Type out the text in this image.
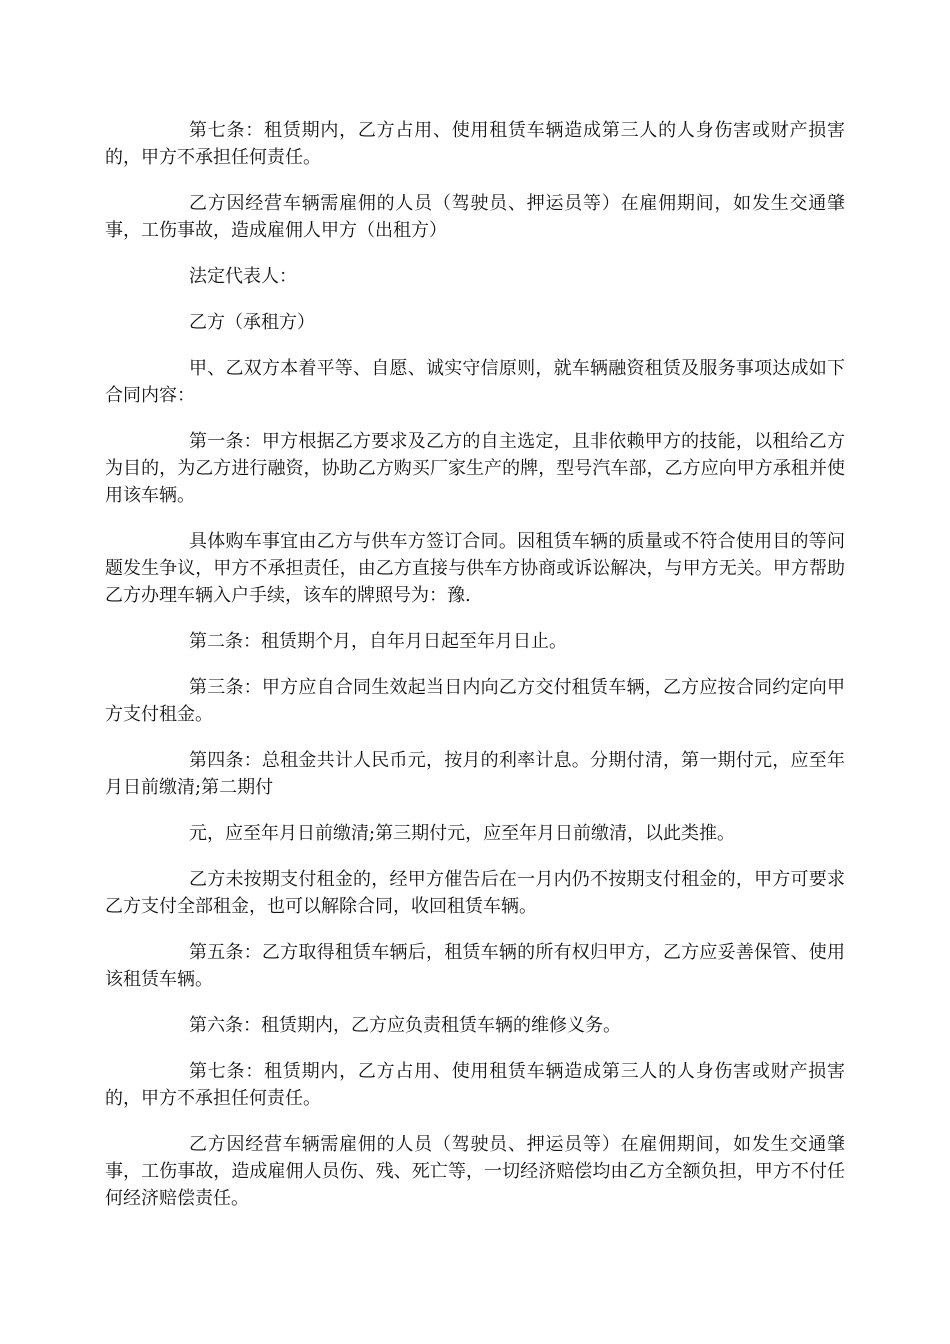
第七条：租赁期内，乙方占用、使用租赁车辆造成第三人的人身伤害或财产损害的，甲方不承担任何责任。

乙方因经营车辆需雇佣的人员（驾驶员、押运员等）在雇佣期间，如发生交通肇事，工伤事故，造成雇佣人甲方（出租方）

法定代表人：

乙方（承租方）

甲、乙双方本着平等、自愿、诚实守信原则，就车辆融资租赁及服务事项达成如下合同内容：

第一条：甲方根据乙方要求及乙方的自主选定，且非依赖甲方的技能，以租给乙方为目的，为乙方进行融资，协助乙方购买厂家生产的牌，型号汽车部，乙方应向甲方承租并使用该车辆。

具体购车事宜由乙方与供车方签订合同。因租赁车辆的质量或不符合使用目的等问题发生争议，甲方不承担责任，由乙方直接与供车方协商或诉讼解决，与甲方无关。甲方帮助乙方办理车辆入户手续，该车的牌照号为：豫.

第二条：租赁期个月，自年月日起至年月日止。

第三条：甲方应自合同生效起当日内向乙方交付租赁车辆，乙方应按合同约定向甲方支付租金。

第四条：总租金共计人民币元，按月的利率计息。分期付清，第一期付元，应至年月日前缴清;第二期付

元，应至年月日前缴清;第三期付元，应至年月日前缴清，以此类推。

乙方未按期支付租金的，经甲方催告后在一月内仍不按期支付租金的，甲方可要求乙方支付全部租金，也可以解除合同，收回租赁车辆。

第五条：乙方取得租赁车辆后，租赁车辆的所有权归甲方，乙方应妥善保管、使用该租赁车辆。

第六条：租赁期内，乙方应负责租赁车辆的维修义务。

第七条：租赁期内，乙方占用、使用租赁车辆造成第三人的人身伤害或财产损害的，甲方不承担任何责任。

乙方因经营车辆需雇佣的人员（驾驶员、押运员等）在雇佣期间，如发生交通肇事，工伤事故，造成雇佣人员伤、残、死亡等，一切经济赔偿均由乙方全额负担，甲方不付任何经济赔偿责任。
